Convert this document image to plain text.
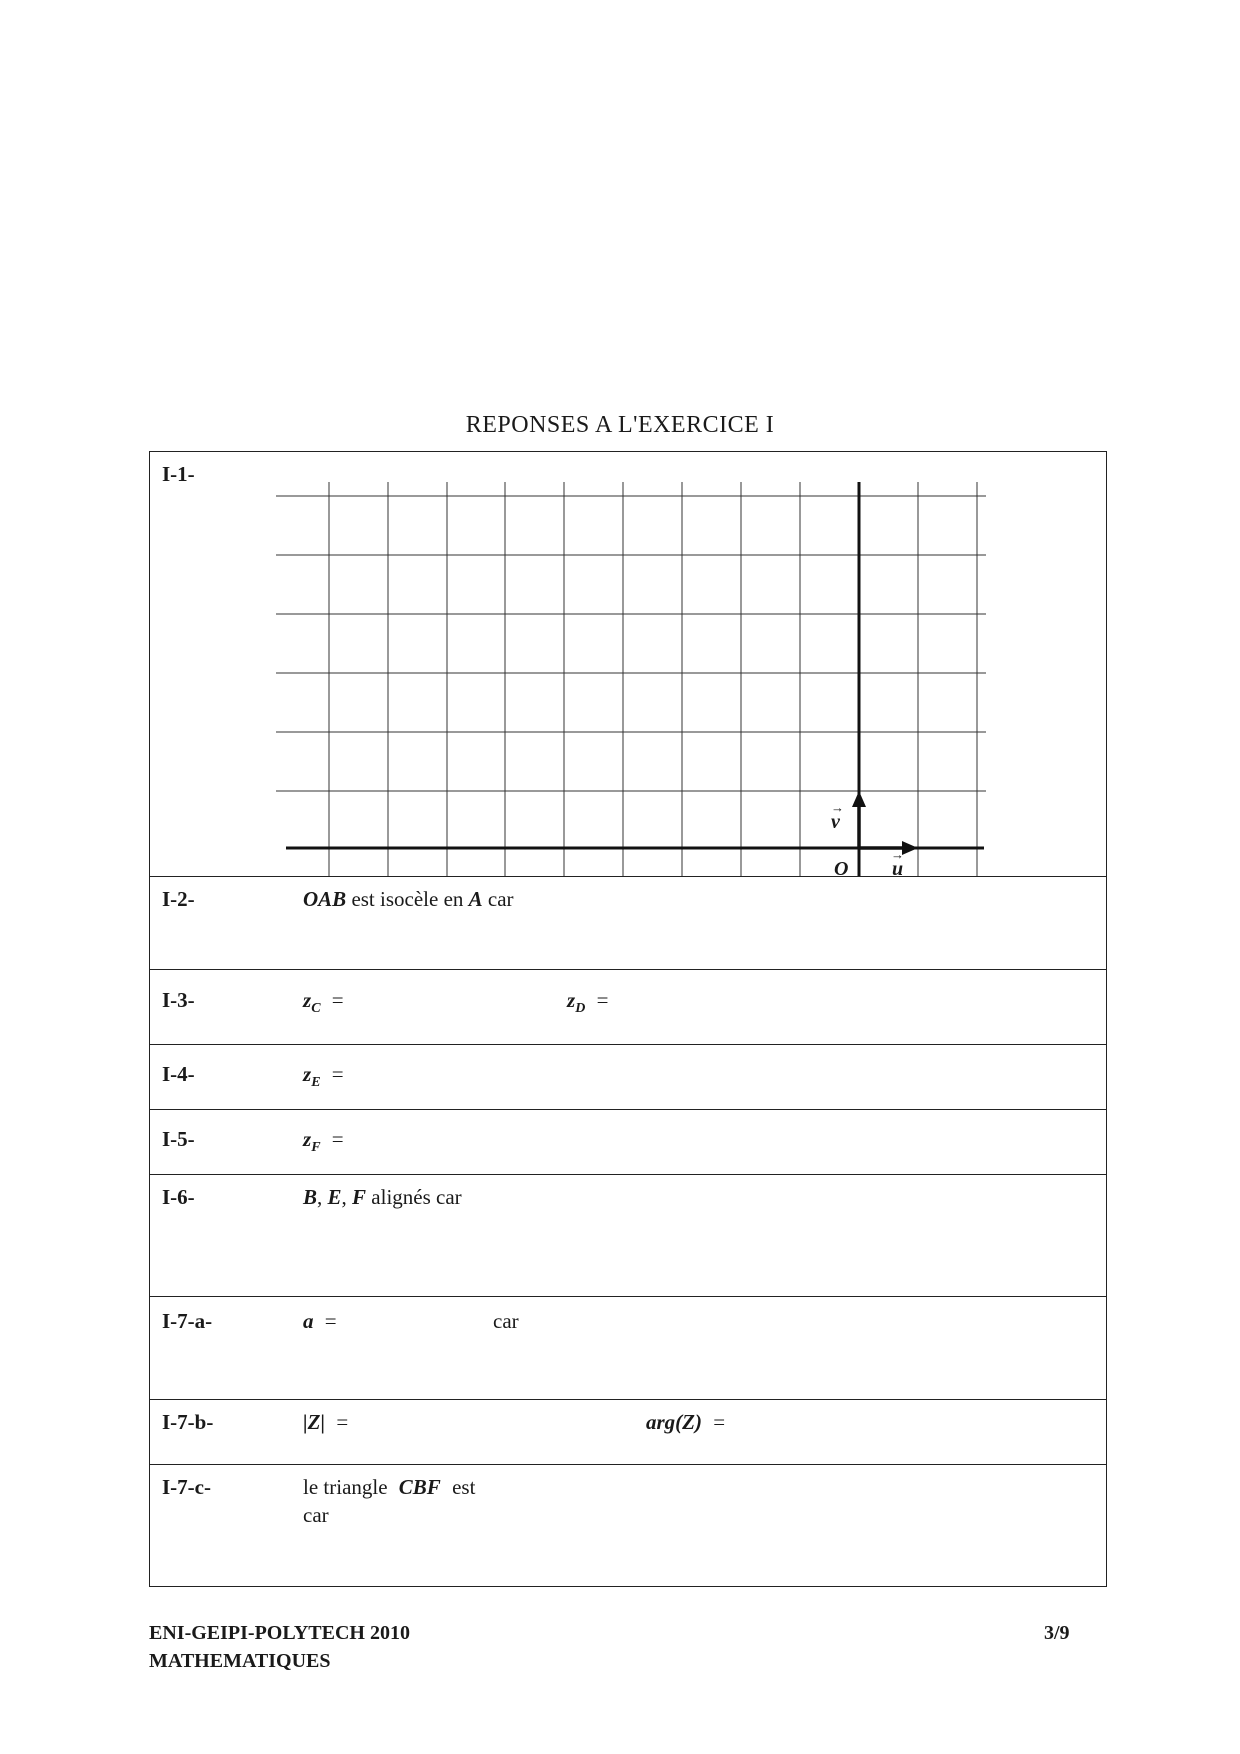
REPONSES A L'EXERCICE I
I-1-
→
v
O
→
u
I-2-	OAB est isocèle en A car
I-3-	$z_C$ =	$z_D$ =
I-4-	$z_E$ =
I-5-	$z_F$ =
I-6-	B, E, F alignés car
I-7-a-	a =	car
I-7-b-	|Z| =	arg(Z) =
I-7-c-	le triangle CBF est
car
ENI-GEIPI-POLYTECH 2010
MATHEMATIQUES
3/9
